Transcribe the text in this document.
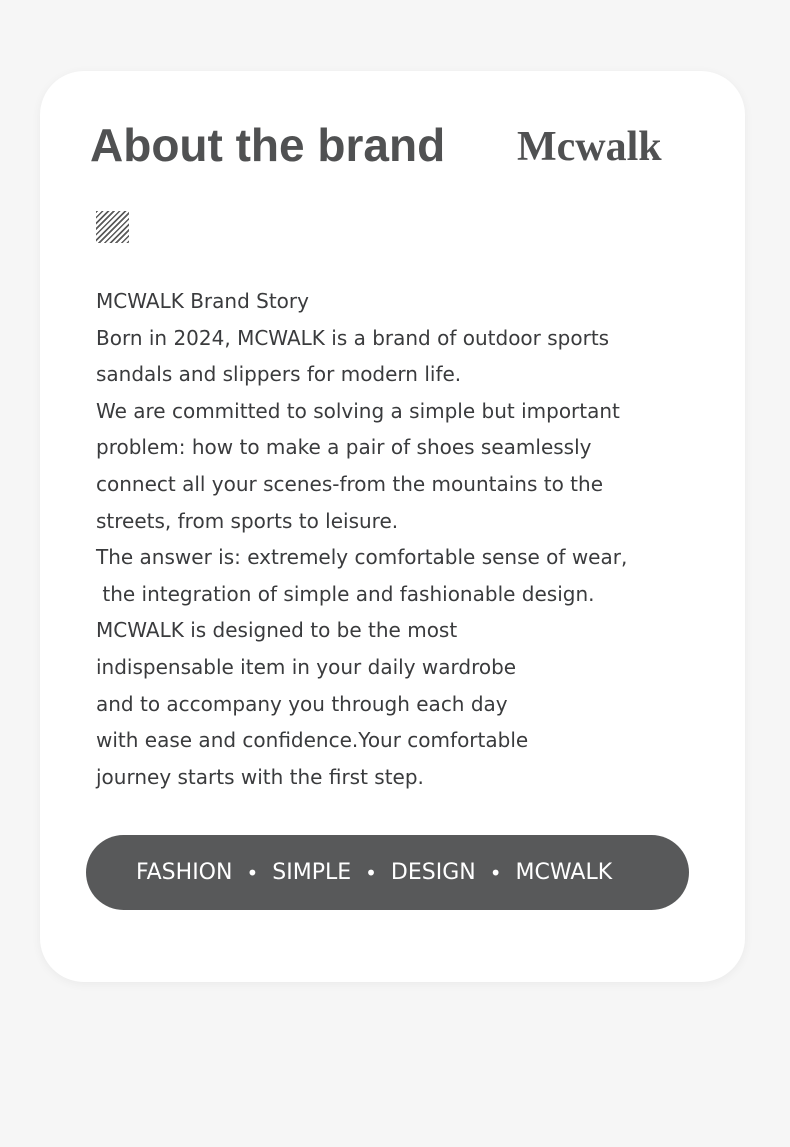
About the brand Mcwalk
MCWALK Brand Story
Born in 2024, MCWALK is a brand of outdoor sports
sandals and slippers for modern life.
We are committed to solving a simple but important
problem: how to make a pair of shoes seamlessly
connect all your scenes-from the mountains to the
streets, from sports to leisure.
The answer is: extremely comfortable sense of wear,
the integration of simple and fashionable design.
MCWALK is designed to be the most
indispensable item in your daily wardrobe
and to accompany you through each day
with ease and confidence.Your comfortable
journey starts with the first step.
FASHION • SIMPLE • DESIGN • MCWALK
